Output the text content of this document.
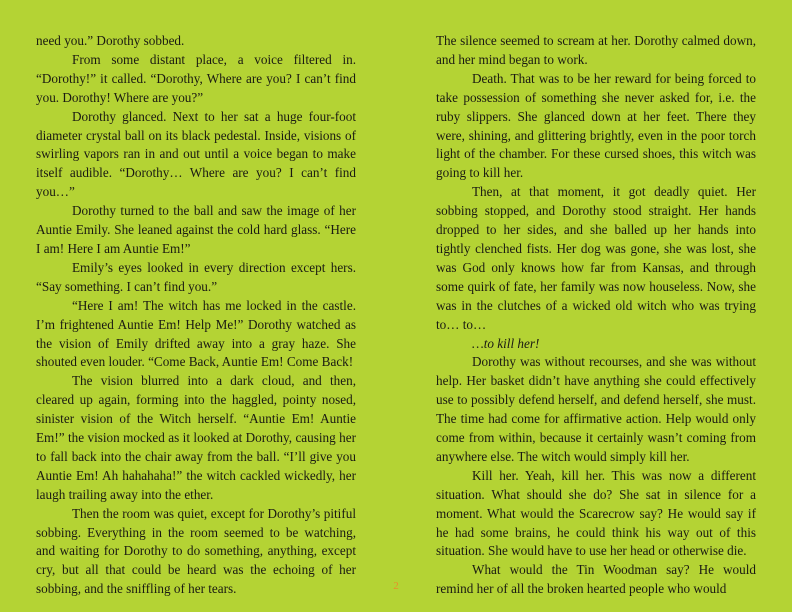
need you.” Dorothy sobbed.

From some distant place, a voice filtered in. “Dorothy!” it called. “Dorothy, Where are you? I can’t find you. Dorothy! Where are you?”

Dorothy glanced. Next to her sat a huge four-foot diameter crystal ball on its black pedestal. Inside, visions of swirling vapors ran in and out until a voice began to make itself audible. “Dorothy… Where are you? I can’t find you…”

Dorothy turned to the ball and saw the image of her Auntie Emily. She leaned against the cold hard glass. “Here I am! Here I am Auntie Em!”

Emily’s eyes looked in every direction except hers. “Say something. I can’t find you.”

“Here I am! The witch has me locked in the castle. I’m frightened Auntie Em! Help Me!” Dorothy watched as the vision of Emily drifted away into a gray haze. She shouted even louder. “Come Back, Auntie Em! Come Back!

The vision blurred into a dark cloud, and then, cleared up again, forming into the haggled, pointy nosed, sinister vision of the Witch herself. “Auntie Em! Auntie Em!” the vision mocked as it looked at Dorothy, causing her to fall back into the chair away from the ball. “I’ll give you Auntie Em! Ah hahahaha!” the witch cackled wickedly, her laugh trailing away into the ether.

Then the room was quiet, except for Dorothy’s pitiful sobbing. Everything in the room seemed to be watching, and waiting for Dorothy to do something, anything, except cry, but all that could be heard was the echoing of her sobbing, and the sniffling of her tears.

The silence seemed to scream at her. Dorothy calmed down, and her mind began to work.

Death. That was to be her reward for being forced to take possession of something she never asked for, i.e. the ruby slippers. She glanced down at her feet. There they were, shining, and glittering brightly, even in the poor torch light of the chamber. For these cursed shoes, this witch was going to kill her.

Then, at that moment, it got deadly quiet. Her sobbing stopped, and Dorothy stood straight. Her hands dropped to her sides, and she balled up her hands into tightly clenched fists. Her dog was gone, she was lost, she was God only knows how far from Kansas, and through some quirk of fate, her family was now houseless. Now, she was in the clutches of a wicked old witch who was trying to… to…

…to kill her!

Dorothy was without recourses, and she was without help. Her basket didn’t have anything she could effectively use to possibly defend herself, and defend herself, she must. The time had come for affirmative action. Help would only come from within, because it certainly wasn’t coming from anywhere else. The witch would simply kill her.

Kill her. Yeah, kill her. This was now a different situation. What should she do? She sat in silence for a moment. What would the Scarecrow say? He would say if he had some brains, he could think his way out of this situation. She would have to use her head or otherwise die.

What would the Tin Woodman say? He would remind her of all the broken hearted people who would

2
